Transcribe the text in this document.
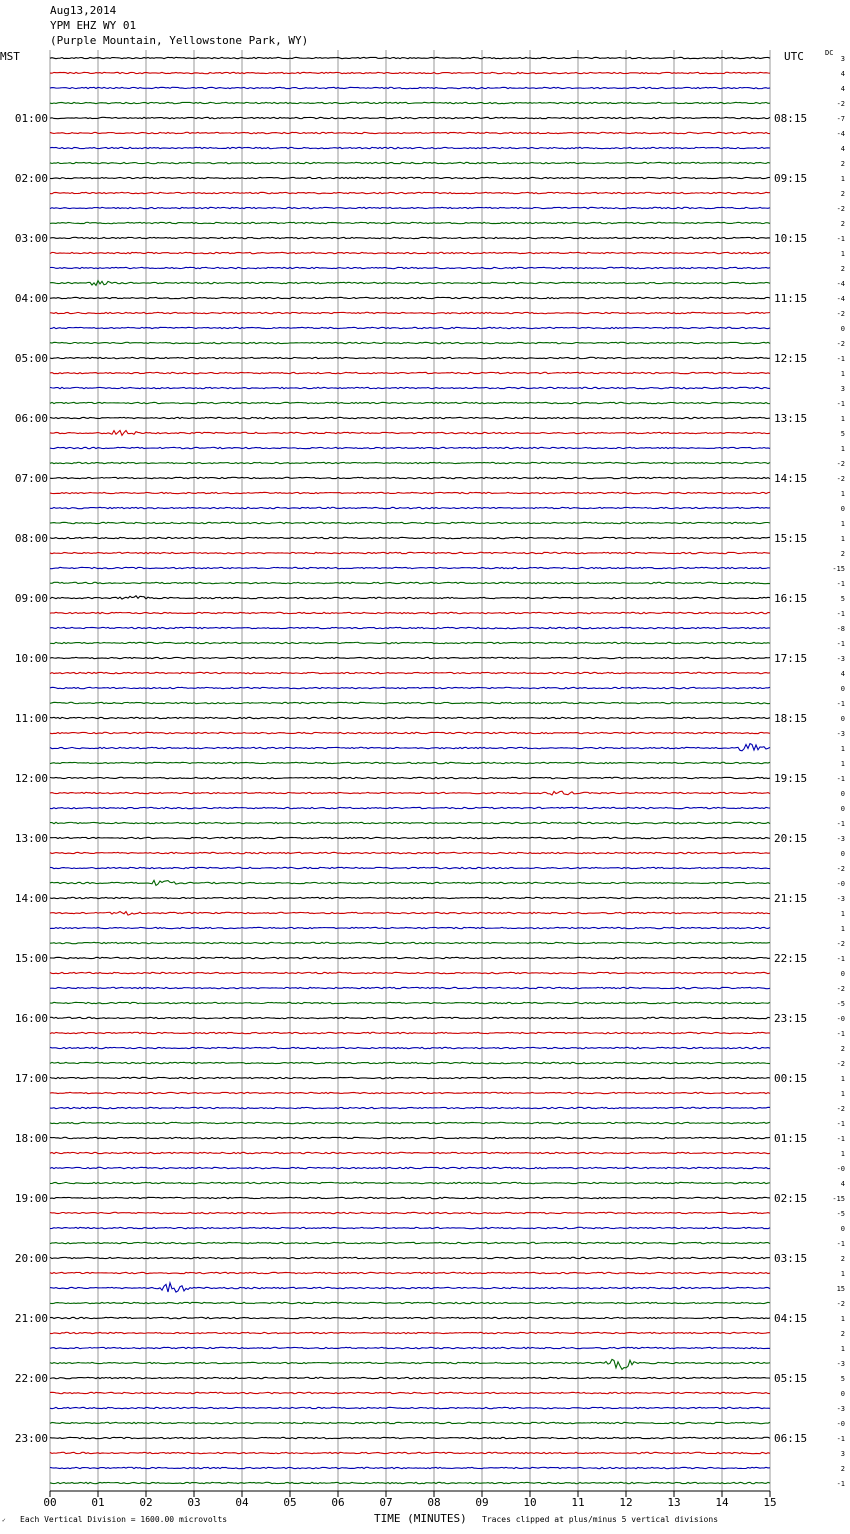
Aug13,2014
YPM EHZ WY 01
(Purple Mountain, Yellowstone Park, WY)
MST	UTC	DC
00	01	02	03	04	05	06	07	08	09	10	11	12	13	14	15
3
4
4
-2
-7
01:00	08:15
-4
4
2
1
02:00	09:15
2
-2
2
-1
03:00	10:15
1
2
-4
-4
04:00	11:15
-2
0
-2
-1
05:00	12:15
1
3
-1
1
06:00	13:15
5
1
-2
-2
07:00	14:15
1
0
1
1
08:00	15:15
2
-15
-1
5
09:00	16:15
-1
-8
-1
-3
10:00	17:15
4
0
-1
0
11:00	18:15
-3
1
1
-1
12:00	19:15
0
0
-1
-3
13:00	20:15
0
-2
-0
-3
14:00	21:15
1
1
-2
-1
15:00	22:15
0
-2
-5
-0
16:00	23:15
-1
2
-2
1
17:00	00:15
1
-2
-1
-1
18:00	01:15
1
-0
4
-15
19:00	02:15
-5
0
-1
2
20:00	03:15
1
15
-2
1
21:00	04:15
2
1
-3
5
22:00	05:15
0
-3
-0
-1
23:00	06:15
3
2
-1
✓ Each Vertical Division = 1600.00 microvolts	TIME (MINUTES) Traces clipped at plus/minus 5 vertical divisions
